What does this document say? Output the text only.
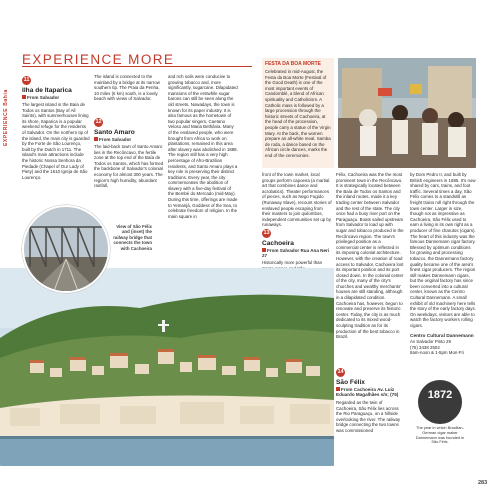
EXPERIENCE Bahia
EXPERIENCE MORE
11
Ilha de Itaparica
From Salvador
The largest island in the Baía de Todos os Santos (Bay of All Saints), with summerhouses lining its shore, Itaparica is a popular weekend refuge for the residents of Salvador. On the northern tip of the island, the main city is guarded by the Forte de São Lourenço, built by the Dutch in 1711. The island's main attractions include the historic Nossa Senhora da Piedade (Chapel of Our Lady of Piety) and the 1610 Igreja de São Lourenço.
The island is connected to the mainland by a bridge at its narrow southern tip. The Praia da Penha, 10 miles (6 km) south, is a lovely beach with views of Salvador.
12
Santo Amaro
From Salvador
The laid-back town of Santo Amaro lies in the Recôncavo, the fertile zone at the top end of the Baía de Todos os Santos, which has formed the backbone of Salvador's colonial economy for almost 300 years. The region's high humidity, abundant rainfall,
and rich soils were conducive to growing tobacco and, more significantly, sugarcane. Dilapidated mansions of the erstwhile sugar barons can still be seen along the old streets. Nowadays, the town is known for its paper industry. It is also famous as the hometown of two popular singers, Caetano Veloso and Maria Bethânia. Many of the enslaved people, who were brought from Africa to work on plantations, remained in this area after slavery was abolished in 1888. The region still has a very high percentage of Afro-Brazilian residents, and Santo Amaro plays a key role in preserving their distinct traditions. Every year, the city commemorates the abolition of slavery with a five-day festival of the Bembé do Mercado (mid-May). During this time, offerings are made to Yemanjá, Goddess of the Sea, to celebrate freedom of religion. In the main square in
FESTA DA BOA MORTE
Celebrated in mid-August, the Festa da Boa Morte (Festival of the Good Death) is one of the most important events of Candomblé, a blend of African spirituality and Catholicism. A Catholic mass is followed by a large procession through the historic streets of Cachoeira, at the head of the procession, people carry a statue of the Virgin Mary. At the back, the women prepare an all-white meal. Samba de roda, a dance based on the African circle dances, marks the end of the ceremonies.
front of the town market, local groups perform capoeira (a martial art that combines dance and acrobatics). Theater performances of pieces, such as Nego Fugido (Runaway Slave), recount stories of enslaved people escaping from their masters to join quilombos, independent communities set up by runaways.
13
Cachoeira
From Salvador Rua Ana Neri 27
Historically more powerful than
Félix, Cachoeira was the the most prominent town in the Recôncavo. It is strategically located between the Baía de Todos os Santos and the inland routes, made it a key trading center between Salvador and the rest of the state. The city once had a busy river port on the Paraguaçu. Boats sailed upstream from Salvador to load up with sugar and tobacco produced in the Recôncavo region. The town's privileged position as a commercial center is reflected in its imposing colonial architecture. However, with the creation of road access to Salvador, Cachoeira lost its important position and its port closed down. In the colonial center of the city, many of the city's churches and wealthy merchants' houses are still standing, although in a dilapidated condition. Cachoeira has, however, begun to renovate and preserve its historic center. Today, the city is as much dedicated to its mixed wood-sculpting tradition as for its production of the best tobacco in Brazil.
14
São Félix
From Cachoeira Av. Luiz Eduardo Magalhães s/n; (75)
Regarded as the twin of Cachoeira, São Félix lies across the Rio Paraguaçu, on a hillside overlooking the river. The railway bridge connecting the two towns was commissioned
by Dom Pedro II, and built by British engineers in 1885. It's now shared by cars, trains, and foot traffic. Several times a day, São Félix comes to a standstill as freight trains roll right through the town center. Larger in size, though not as impressive as Cachoeira, São Félix used to earn a living in its own right as a producer of fine charutos (cigars). The heart of this industry was the famous Dannemann cigar factory. Blessed by optimum conditions for growing and processing tobacco, the Dannemann factory quality became one of the area's finest cigar producers. The region still makes Dannemann cigars, but the original factory has since been converted into a cultural center, known as the Centro Cultural Dannemann. A small exhibit of old machinery here tells the story of the early factory days. On weekdays, visitors are able to watch the factory workers rolling cigars.
Centro Cultural Dannemann
Av Salvador Pinto 29
(75) 3438 2502
8am-noon & 1-5pm Mon-Fri
View of São Félix and (inset) the railway bridge that connects the town with Cachoeira
1872
The year in which Brazilian-German cigar maker Dannemann was founded in São Félix.
283
